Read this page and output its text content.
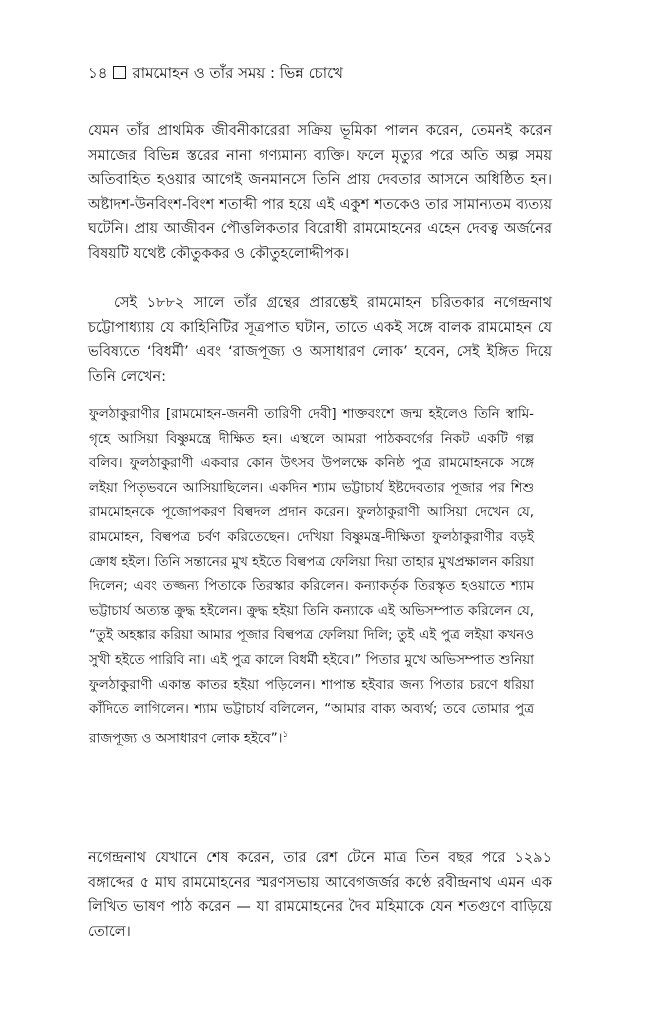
১৪ রামমোহন ও তাঁর সময় : ভিন্ন চোখে

যেমন তাঁর প্রাথমিক জীবনীকারেরা সক্রিয় ভূমিকা পালন করেন, তেমনই করেন সমাজের বিভিন্ন স্তরের নানা গণ্যমান্য ব্যক্তি। ফলে মৃত্যুর পরে অতি অল্প সময় অতিবাহিত হওয়ার আগেই জনমানসে তিনি প্রায় দেবতার আসনে অধিষ্ঠিত হন। অষ্টাদশ-উনবিংশ-বিংশ শতাব্দী পার হয়ে এই একুশ শতকেও তার সামান্যতম ব্যত্যয় ঘটেনি। প্রায় আজীবন পৌত্তলিকতার বিরোধী রামমোহনের এহেন দেবত্ব অর্জনের বিষয়টি যথেষ্ট কৌতুককর ও কৌতুহলোদ্দীপক।

সেই ১৮৮২ সালে তাঁর গ্রন্থের প্রারম্ভেই রামমোহন চরিতকার নগেন্দ্রনাথ চট্টোপাধ্যায় যে কাহিনিটির সূত্রপাত ঘটান, তাতে একই সঙ্গে বালক রামমোহন যে ভবিষ্যতে ‘বিধর্মী’ এবং ‘রাজপূজ্য ও অসাধারণ লোক’ হবেন, সেই ইঙ্গিত দিয়ে তিনি লেখেন:

ফুলঠাকুরাণীর [রামমোহন-জননী তারিণী দেবী] শাক্তবংশে জন্ম হইলেও তিনি স্বামি-গৃহে আসিয়া বিষ্ণুমন্ত্রে দীক্ষিত হন। এস্থলে আমরা পাঠকবর্গের নিকট একটি গল্প বলিব। ফুলঠাকুরাণী একবার কোন উৎসব উপলক্ষে কনিষ্ঠ পুত্র রামমোহনকে সঙ্গে লইয়া পিতৃভবনে আসিয়াছিলেন। একদিন শ্যাম ভট্টাচার্য ইষ্টদেবতার পূজার পর শিশু রামমোহনকে পূজোপকরণ বিল্বদল প্রদান করেন। ফুলঠাকুরাণী আসিয়া দেখেন যে, রামমোহন, বিল্বপত্র চর্বণ করিতেছেন। দেখিয়া বিষ্ণুমন্ত্র-দীক্ষিতা ফুলঠাকুরাণীর বড়ই ক্রোধ হইল। তিনি সন্তানের মুখ হইতে বিল্বপত্র ফেলিয়া দিয়া তাহার মুখপ্রক্ষালন করিয়া দিলেন; এবং তজ্জন্য পিতাকে তিরস্কার করিলেন। কন্যাকর্তৃক তিরস্কৃত হওয়াতে শ্যাম ভট্টাচার্য অত্যন্ত ক্রুদ্ধ হইলেন। ক্রুদ্ধ হইয়া তিনি কন্যাকে এই অভিসম্পাত করিলেন যে, “তুই অহঙ্কার করিয়া আমার পূজার বিল্বপত্র ফেলিয়া দিলি; তুই এই পুত্র লইয়া কখনও সুখী হইতে পারিবি না। এই পুত্র কালে বিধর্মী হইবে।” পিতার মুখে অভিসম্পাত শুনিয়া ফুলঠাকুরাণী একান্ত কাতর হইয়া পড়িলেন। শাপান্ত হইবার জন্য পিতার চরণে ধরিয়া কাঁদিতে লাগিলেন। শ্যাম ভট্টাচার্য বলিলেন, “আমার বাক্য অব্যর্থ; তবে তোমার পুত্র রাজপূজ্য ও অসাধারণ লোক হইবে”।$^১$

নগেন্দ্রনাথ যেখানে শেষ করেন, তার রেশ টেনে মাত্র তিন বছর পরে ১২৯১ বঙ্গাব্দের ৫ মাঘ রামমোহনের স্মরণসভায় আবেগজর্জর কণ্ঠে রবীন্দ্রনাথ এমন এক লিখিত ভাষণ পাঠ করেন — যা রামমোহনের দৈব মহিমাকে যেন শতগুণে বাড়িয়ে তোলে।
